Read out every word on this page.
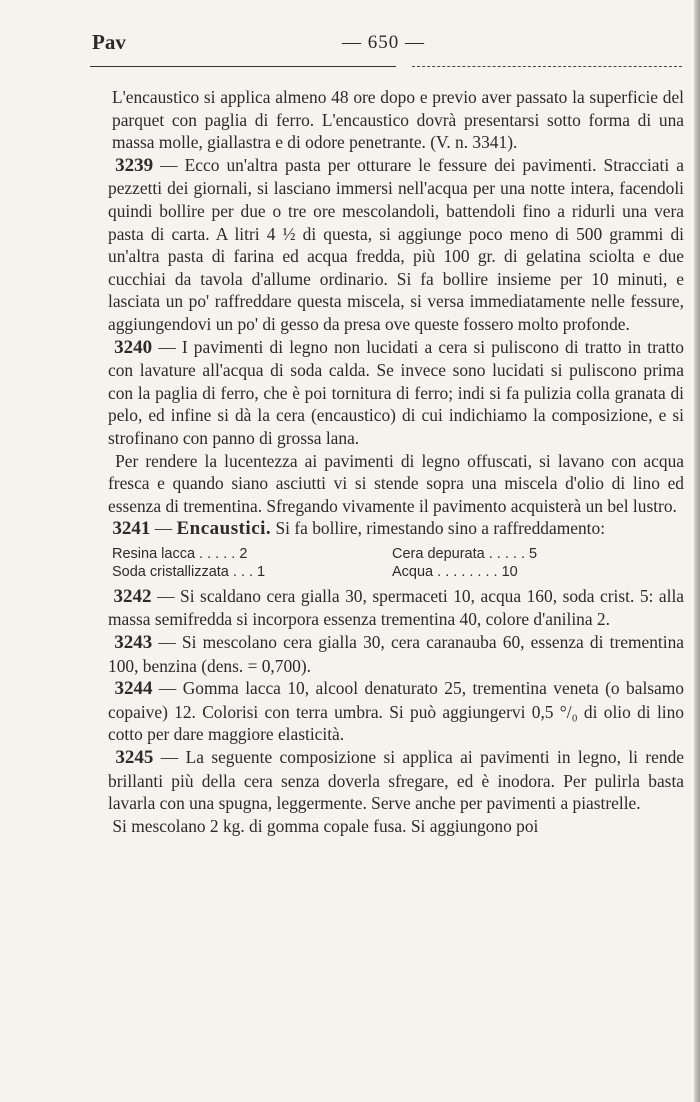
Pav	— 650 —

L'encaustico si applica almeno 48 ore dopo e previo aver passato la superficie del parquet con paglia di ferro. L'encaustico dovrà presentarsi sotto forma di una massa molle, giallastra e di odore penetrante. (V. n. 3341).

3239 — Ecco un'altra pasta per otturare le fessure dei pavimenti. Stracciati a pezzetti dei giornali, si lasciano immersi nell'acqua per una notte intera, facendoli quindi bollire per due o tre ore mescolandoli, battendoli fino a ridurli una vera pasta di carta. A litri 4 ½ di questa, si aggiunge poco meno di 500 grammi di un'altra pasta di farina ed acqua fredda, più 100 gr. di gelatina sciolta e due cucchiai da tavola d'allume ordinario. Si fa bollire insieme per 10 minuti, e lasciata un po' raffreddare questa miscela, si versa immediatamente nelle fessure, aggiungendovi un po' di gesso da presa ove queste fossero molto profonde.

3240 — I pavimenti di legno non lucidati a cera si puliscono di tratto in tratto con lavature all'acqua di soda calda. Se invece sono lucidati si puliscono prima con la paglia di ferro, che è poi tornitura di ferro; indi si fa pulizia colla granata di pelo, ed infine si dà la cera (encaustico) di cui indichiamo la composizione, e si strofinano con panno di grossa lana.

Per rendere la lucentezza ai pavimenti di legno offuscati, si lavano con acqua fresca e quando siano asciutti vi si stende sopra una miscela d'olio di lino ed essenza di trementina. Sfregando vivamente il pavimento acquisterà un bel lustro.

3241 — Encaustici. Si fa bollire, rimestando sino a raffreddamento:

Resina lacca . . . . . 2	Cera depurata . . . . . 5
Soda cristallizzata . . . 1	Acqua . . . . . . . . 10

3242 — Si scaldano cera gialla 30, spermaceti 10, acqua 160, soda crist. 5: alla massa semifredda si incorpora essenza trementina 40, colore d'anilina 2.

3243 — Si mescolano cera gialla 30, cera caranauba 60, essenza di trementina 100, benzina (dens. = 0,700).

3244 — Gomma lacca 10, alcool denaturato 25, trementina veneta (o balsamo copaive) 12. Colorisi con terra umbra. Si può aggiungervi 0,5 °/₀ di olio di lino cotto per dare maggiore elasticità.

3245 — La seguente composizione si applica ai pavimenti in legno, li rende brillanti più della cera senza doverla sfregare, ed è inodora. Per pulirla basta lavarla con una spugna, leggermente. Serve anche per pavimenti a piastrelle.

Si mescolano 2 kg. di gomma copale fusa. Si aggiungono poi
